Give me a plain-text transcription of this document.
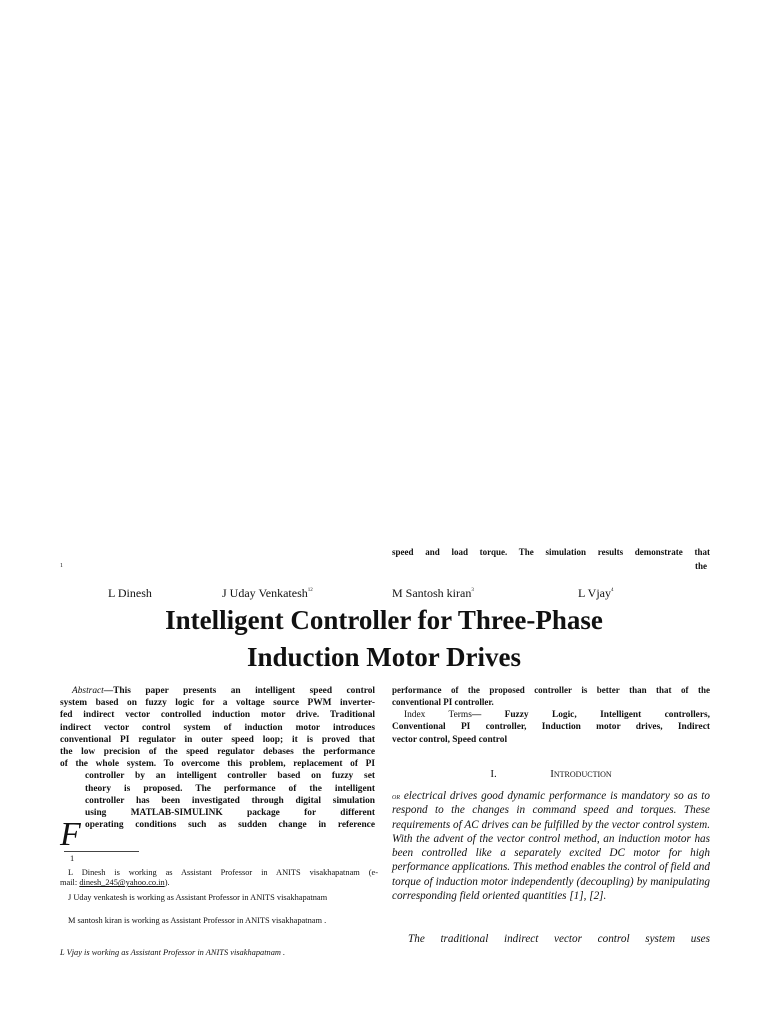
1
speed and load torque. The simulation results demonstrate that
the
L Dinesh	J Uday Venkatesh$^{12}$	M Santosh kiran$^3$	L Vjay$^4$
Intelligent Controller for Three-Phase
Induction Motor Drives
Abstract—This paper presents an intelligent speed control
system based on fuzzy logic for a voltage source PWM inverter-
fed indirect vector controlled induction motor drive. Traditional
indirect vector control system of induction motor introduces
conventional PI regulator in outer speed loop; it is proved that
the low precision of the speed regulator debases the performance
of the whole system. To overcome this problem, replacement of PI
controller by an intelligent controller based on fuzzy set
theory is proposed. The performance of the intelligent
controller has been investigated through digital simulation
using MATLAB-SIMULINK package for different
operating conditions such as sudden change in reference
F
1
L Dinesh is working as Assistant Professor in ANITS visakhapatnam (e-
mail: dinesh_245@yahoo.co.in).
J Uday venkatesh is working as Assistant Professor in ANITS visakhapatnam
M santosh kiran is working as Assistant Professor in ANITS visakhapatnam .
L Vjay is working as Assistant Professor in ANITS visakhapatnam .
performance of the proposed controller is better than that of the
conventional PI controller.
Index Terms— Fuzzy Logic, Intelligent controllers,
Conventional PI controller, Induction motor drives, Indirect
vector control, Speed control
I.	Introduction
or electrical drives good dynamic performance is mandatory so as to respond to the changes in command speed and torques. These requirements of AC drives can be fulfilled by the vector control system. With the advent of the vector control method, an induction motor has been controlled like a separately excited DC motor for high performance applications. This method enables the control of field and torque of induction motor independently (decoupling) by manipulating corresponding field oriented quantities [1], [2].
The traditional indirect vector control system uses
